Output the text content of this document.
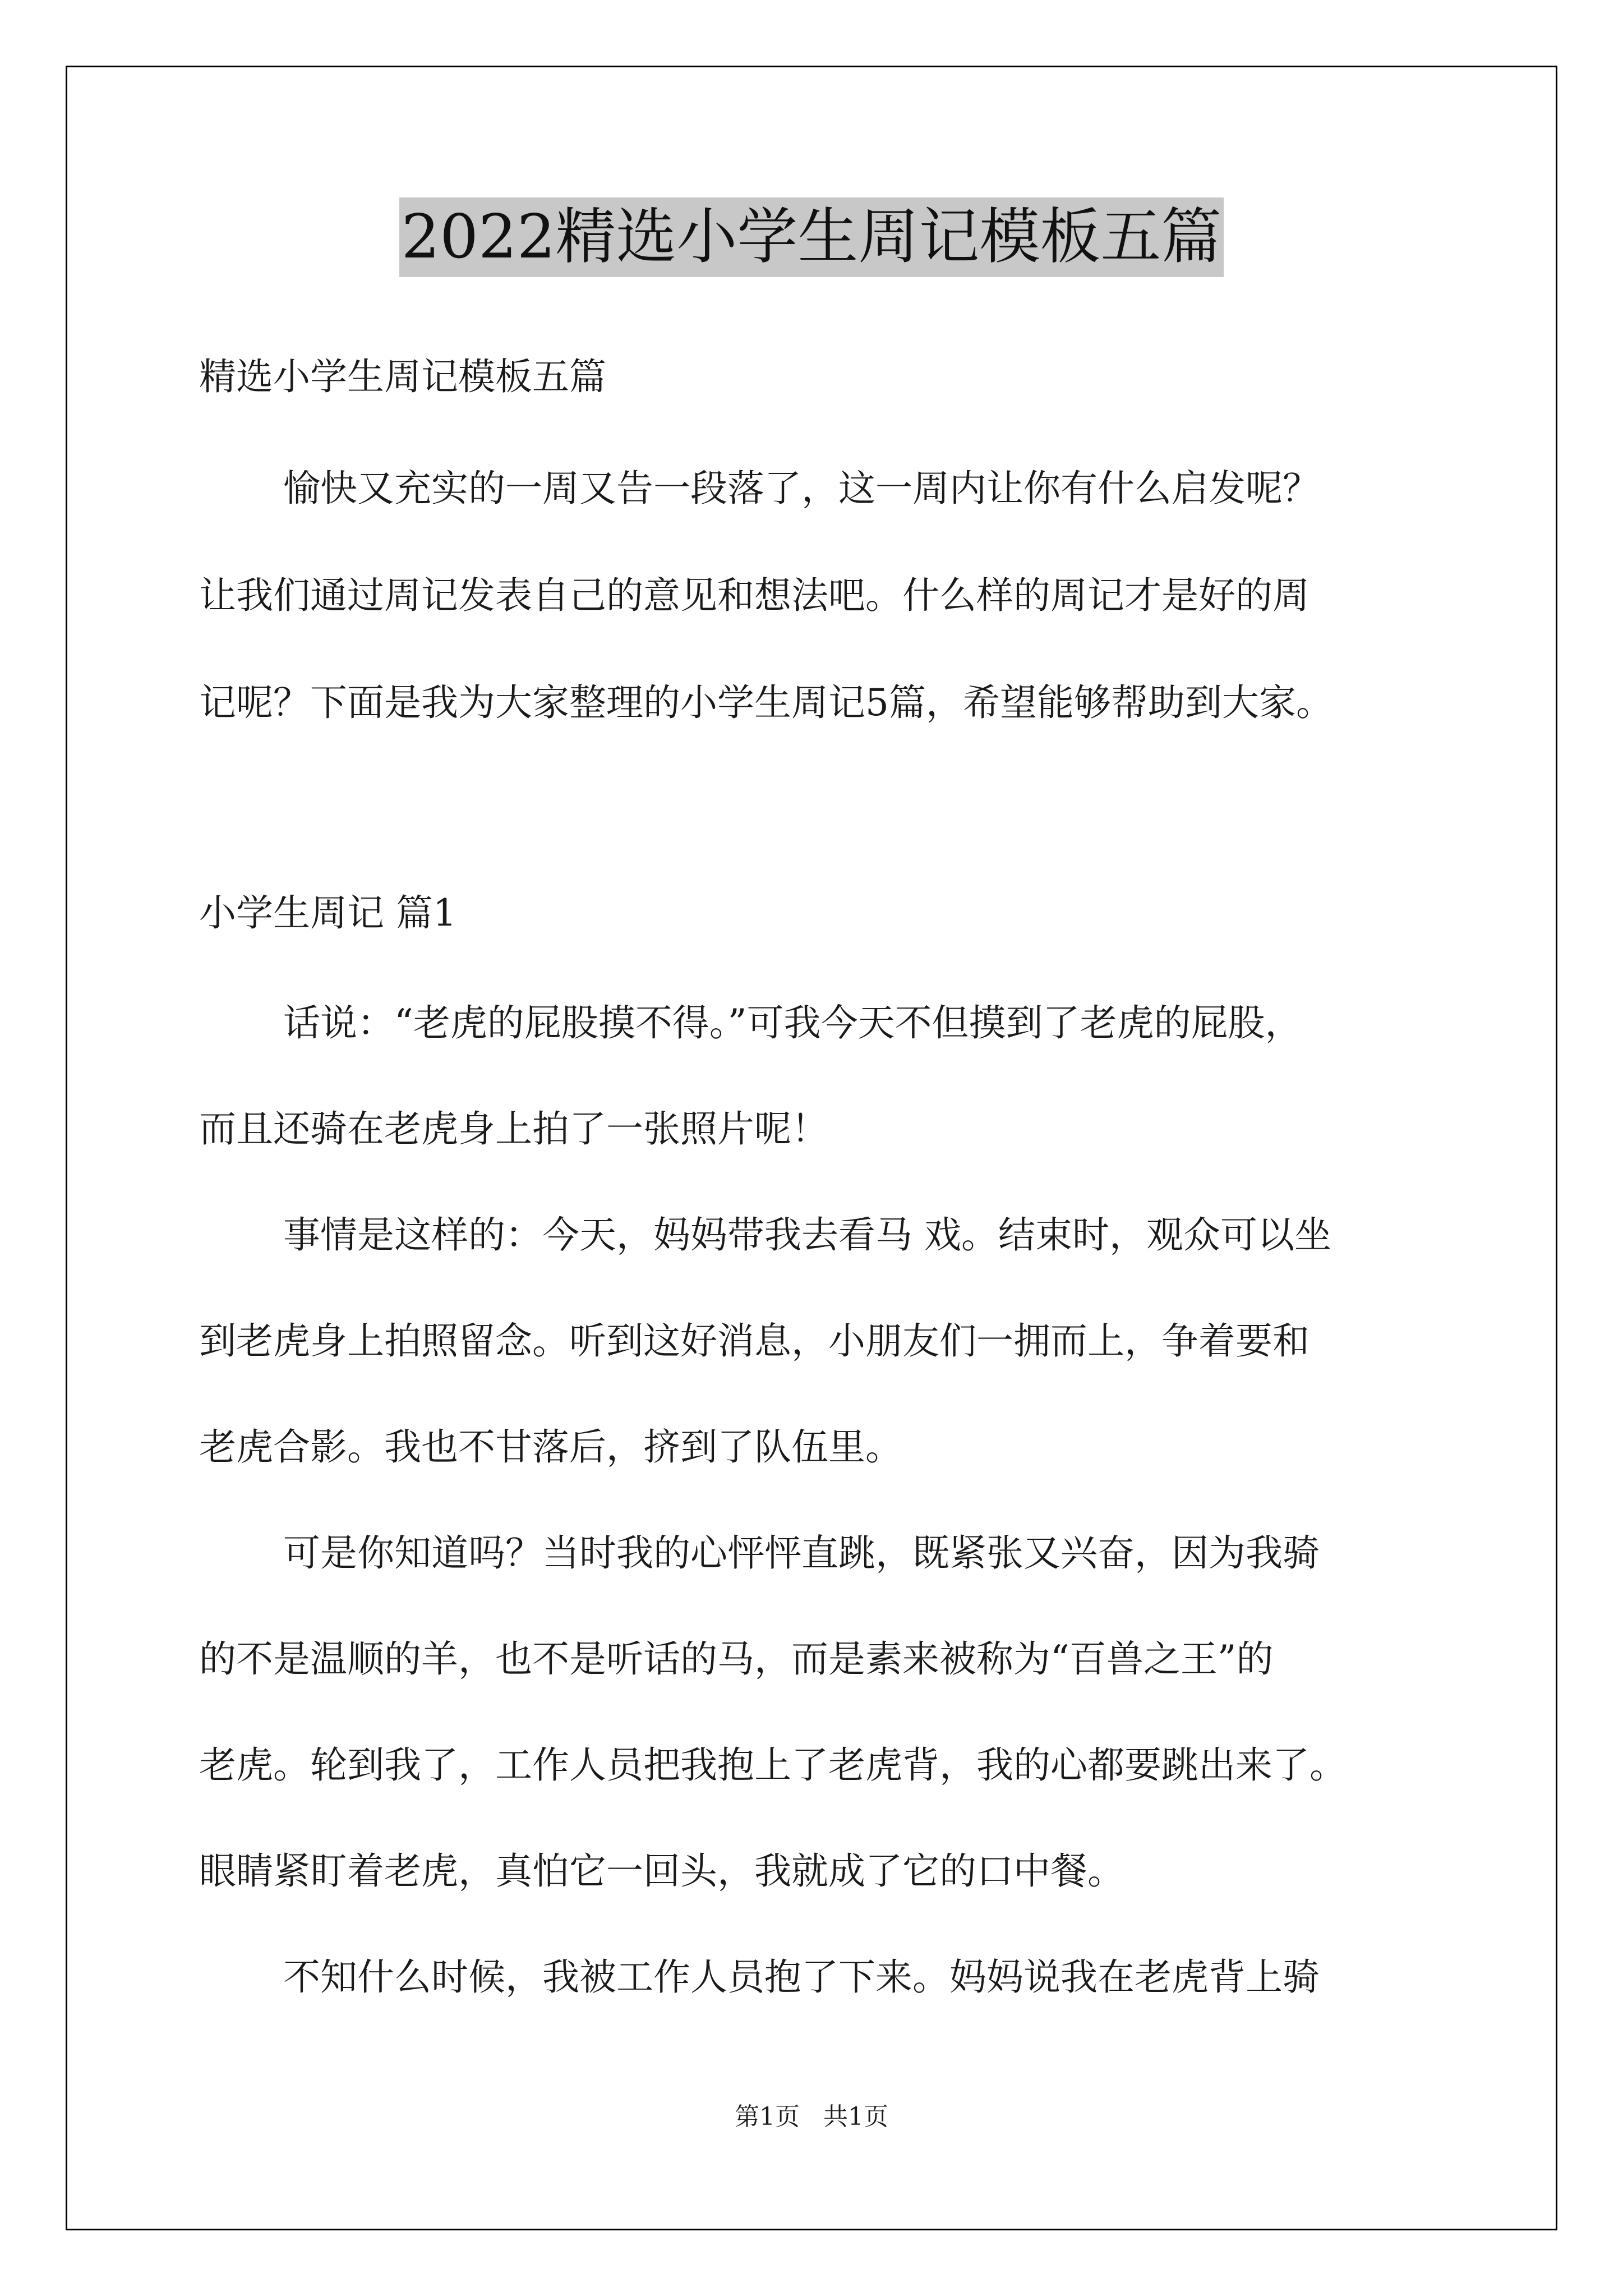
2022精选小学生周记模板五篇
精选小学生周记模板五篇
愉快又充实的一周又告一段落了，这一周内让你有什么启发呢？
让我们通过周记发表自己的意见和想法吧。什么样的周记才是好的周
记呢？下面是我为大家整理的小学生周记5篇，希望能够帮助到大家。
小学生周记 篇1
话说：“老虎的屁股摸不得。”可我今天不但摸到了老虎的屁股，
而且还骑在老虎身上拍了一张照片呢！
事情是这样的：今天，妈妈带我去看马 戏。结束时，观众可以坐
到老虎身上拍照留念。听到这好消息，小朋友们一拥而上，争着要和
老虎合影。我也不甘落后，挤到了队伍里。
可是你知道吗？当时我的心怦怦直跳，既紧张又兴奋，因为我骑
的不是温顺的羊，也不是听话的马，而是素来被称为“百兽之王”的
老虎。轮到我了，工作人员把我抱上了老虎背，我的心都要跳出来了。
眼睛紧盯着老虎，真怕它一回头，我就成了它的口中餐。
不知什么时候，我被工作人员抱了下来。妈妈说我在老虎背上骑
第1页   共1页
